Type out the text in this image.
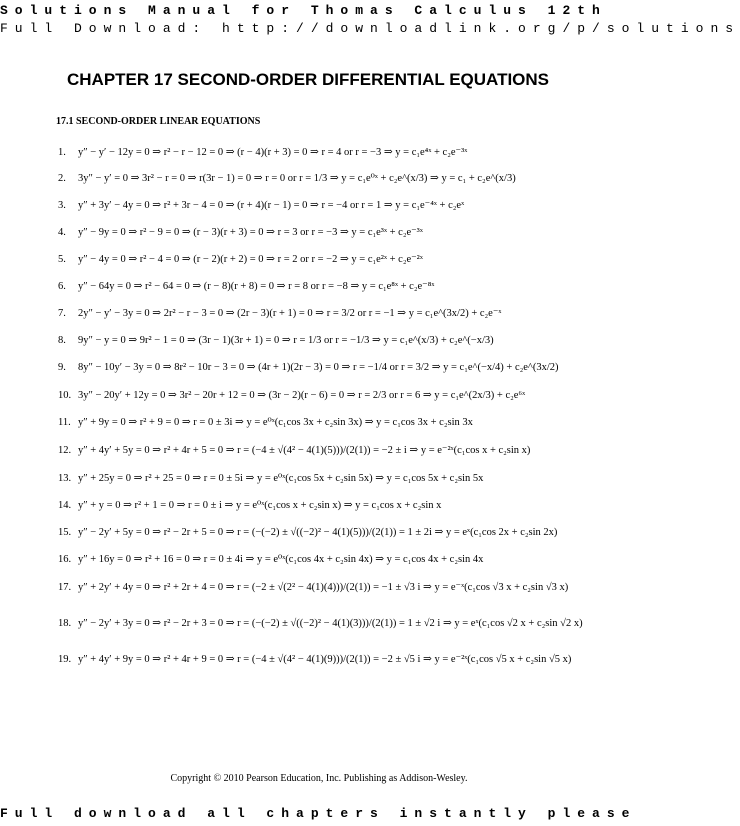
Solutions Manual for Thomas Calculus 12th
Full Download: http://downloadlink.org/p/solutions
CHAPTER 17 SECOND-ORDER DIFFERENTIAL EQUATIONS
17.1 SECOND-ORDER LINEAR EQUATIONS
1. y″ − y′ − 12y = 0 ⇒ r² − r − 12 = 0 ⇒ (r − 4)(r + 3) = 0 ⇒ r = 4 or r = −3 ⇒ y = c₁e⁴ˣ + c₂e⁻³ˣ
2. 3y″ − y′ = 0 ⇒ 3r² − r = 0 ⇒ r(3r − 1) = 0 ⇒ r = 0 or r = 1/3 ⇒ y = c₁e⁰ˣ + c₂e^(x/3) ⇒ y = c₁ + c₂e^(x/3)
3. y″ + 3y′ − 4y = 0 ⇒ r² + 3r − 4 = 0 ⇒ (r + 4)(r − 1) = 0 ⇒ r = −4 or r = 1 ⇒ y = c₁e⁻⁴ˣ + c₂eˣ
4. y″ − 9y = 0 ⇒ r² − 9 = 0 ⇒ (r − 3)(r + 3) = 0 ⇒ r = 3 or r = −3 ⇒ y = c₁e³ˣ + c₂e⁻³ˣ
5. y″ − 4y = 0 ⇒ r² − 4 = 0 ⇒ (r − 2)(r + 2) = 0 ⇒ r = 2 or r = −2 ⇒ y = c₁e²ˣ + c₂e⁻²ˣ
6. y″ − 64y = 0 ⇒ r² − 64 = 0 ⇒ (r − 8)(r + 8) = 0 ⇒ r = 8 or r = −8 ⇒ y = c₁e⁸ˣ + c₂e⁻⁸ˣ
7. 2y″ − y′ − 3y = 0 ⇒ 2r² − r − 3 = 0 ⇒ (2r − 3)(r + 1) = 0 ⇒ r = 3/2 or r = −1 ⇒ y = c₁e^(3x/2) + c₂e⁻ˣ
8. 9y″ − y = 0 ⇒ 9r² − 1 = 0 ⇒ (3r − 1)(3r + 1) = 0 ⇒ r = 1/3 or r = −1/3 ⇒ y = c₁e^(x/3) + c₂e^(−x/3)
9. 8y″ − 10y′ − 3y = 0 ⇒ 8r² − 10r − 3 = 0 ⇒ (4r + 1)(2r − 3) = 0 ⇒ r = −1/4 or r = 3/2 ⇒ y = c₁e^(−x/4) + c₂e^(3x/2)
10. 3y″ − 20y′ + 12y = 0 ⇒ 3r² − 20r + 12 = 0 ⇒ (3r − 2)(r − 6) = 0 ⇒ r = 2/3 or r = 6 ⇒ y = c₁e^(2x/3) + c₂e⁶ˣ
11. y″ + 9y = 0 ⇒ r² + 9 = 0 ⇒ r = 0 ± 3i ⇒ y = e⁰ˣ(c₁cos 3x + c₂sin 3x) ⇒ y = c₁cos 3x + c₂sin 3x
12. y″ + 4y′ + 5y = 0 ⇒ r² + 4r + 5 = 0 ⇒ r = (−4 ± √(4² − 4(1)(5)))/(2(1)) = −2 ± i ⇒ y = e⁻²ˣ(c₁cos x + c₂sin x)
13. y″ + 25y = 0 ⇒ r² + 25 = 0 ⇒ r = 0 ± 5i ⇒ y = e⁰ˣ(c₁cos 5x + c₂sin 5x) ⇒ y = c₁cos 5x + c₂sin 5x
14. y″ + y = 0 ⇒ r² + 1 = 0 ⇒ r = 0 ± i ⇒ y = e⁰ˣ(c₁cos x + c₂sin x) ⇒ y = c₁cos x + c₂sin x
15. y″ − 2y′ + 5y = 0 ⇒ r² − 2r + 5 = 0 ⇒ r = (−(−2) ± √((−2)² − 4(1)(5)))/(2(1)) = 1 ± 2i ⇒ y = eˣ(c₁cos 2x + c₂sin 2x)
16. y″ + 16y = 0 ⇒ r² + 16 = 0 ⇒ r = 0 ± 4i ⇒ y = e⁰ˣ(c₁cos 4x + c₂sin 4x) ⇒ y = c₁cos 4x + c₂sin 4x
17. y″ + 2y′ + 4y = 0 ⇒ r² + 2r + 4 = 0 ⇒ r = (−2 ± √(2² − 4(1)(4)))/(2(1)) = −1 ± √3 i ⇒ y = e⁻ˣ(c₁cos √3 x + c₂sin √3 x)
18. y″ − 2y′ + 3y = 0 ⇒ r² − 2r + 3 = 0 ⇒ r = (−(−2) ± √((−2)² − 4(1)(3)))/(2(1)) = 1 ± √2 i ⇒ y = eˣ(c₁cos √2 x + c₂sin √2 x)
19. y″ + 4y′ + 9y = 0 ⇒ r² + 4r + 9 = 0 ⇒ r = (−4 ± √(4² − 4(1)(9)))/(2(1)) = −2 ± √5 i ⇒ y = e⁻²ˣ(c₁cos √5 x + c₂sin √5 x)
Copyright © 2010 Pearson Education, Inc. Publishing as Addison-Wesley.
Full download all chapters instantly please
